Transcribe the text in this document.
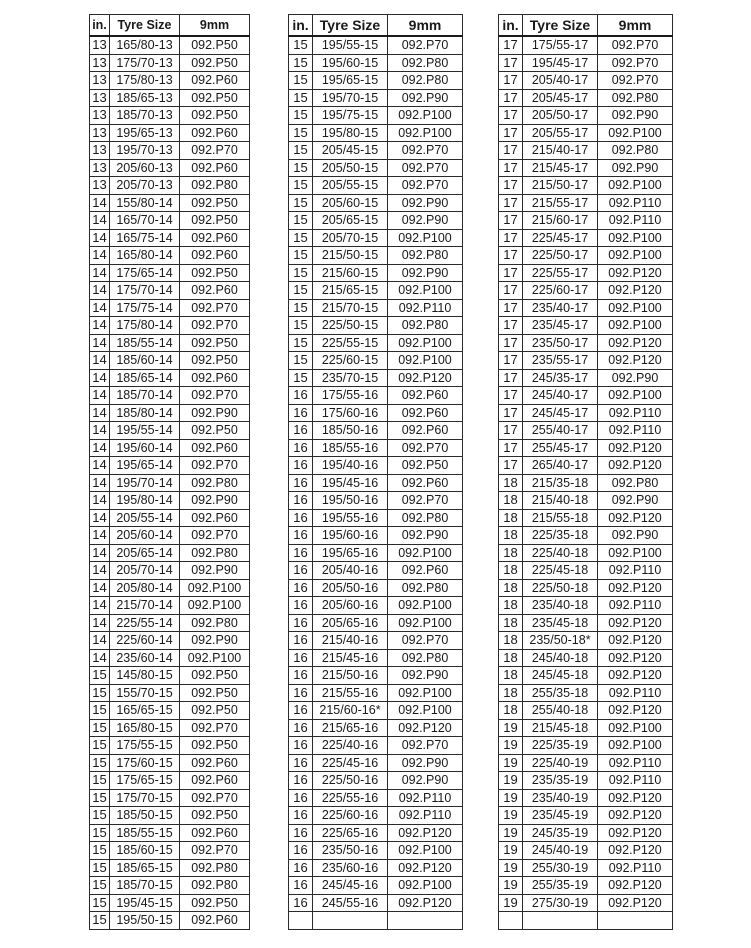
in.	Tyre Size	9mm
13	165/80-13	092.P50
13	175/70-13	092.P50
13	175/80-13	092.P60
13	185/65-13	092.P50
13	185/70-13	092.P50
13	195/65-13	092.P60
13	195/70-13	092.P70
13	205/60-13	092.P60
13	205/70-13	092.P80
14	155/80-14	092.P50
14	165/70-14	092.P50
14	165/75-14	092.P60
14	165/80-14	092.P60
14	175/65-14	092.P50
14	175/70-14	092.P60
14	175/75-14	092.P70
14	175/80-14	092.P70
14	185/55-14	092.P50
14	185/60-14	092.P50
14	185/65-14	092.P60
14	185/70-14	092.P70
14	185/80-14	092.P90
14	195/55-14	092.P50
14	195/60-14	092.P60
14	195/65-14	092.P70
14	195/70-14	092.P80
14	195/80-14	092.P90
14	205/55-14	092.P60
14	205/60-14	092.P70
14	205/65-14	092.P80
14	205/70-14	092.P90
14	205/80-14	092.P100
14	215/70-14	092.P100
14	225/55-14	092.P80
14	225/60-14	092.P90
14	235/60-14	092.P100
15	145/80-15	092.P50
15	155/70-15	092.P50
15	165/65-15	092.P50
15	165/80-15	092.P70
15	175/55-15	092.P50
15	175/60-15	092.P60
15	175/65-15	092.P60
15	175/70-15	092.P70
15	185/50-15	092.P50
15	185/55-15	092.P60
15	185/60-15	092.P70
15	185/65-15	092.P80
15	185/70-15	092.P80
15	195/45-15	092.P50
15	195/50-15	092.P60
in.	Tyre Size	9mm
15	195/55-15	092.P70
15	195/60-15	092.P80
15	195/65-15	092.P80
15	195/70-15	092.P90
15	195/75-15	092.P100
15	195/80-15	092.P100
15	205/45-15	092.P70
15	205/50-15	092.P70
15	205/55-15	092.P70
15	205/60-15	092.P90
15	205/65-15	092.P90
15	205/70-15	092.P100
15	215/50-15	092.P80
15	215/60-15	092.P90
15	215/65-15	092.P100
15	215/70-15	092.P110
15	225/50-15	092.P80
15	225/55-15	092.P100
15	225/60-15	092.P100
15	235/70-15	092.P120
16	175/55-16	092.P60
16	175/60-16	092.P60
16	185/50-16	092.P60
16	185/55-16	092.P70
16	195/40-16	092.P50
16	195/45-16	092.P60
16	195/50-16	092.P70
16	195/55-16	092.P80
16	195/60-16	092.P90
16	195/65-16	092.P100
16	205/40-16	092.P60
16	205/50-16	092.P80
16	205/60-16	092.P100
16	205/65-16	092.P100
16	215/40-16	092.P70
16	215/45-16	092.P80
16	215/50-16	092.P90
16	215/55-16	092.P100
16	215/60-16*	092.P100
16	215/65-16	092.P120
16	225/40-16	092.P70
16	225/45-16	092.P90
16	225/50-16	092.P90
16	225/55-16	092.P110
16	225/60-16	092.P110
16	225/65-16	092.P120
16	235/50-16	092.P100
16	235/60-16	092.P120
16	245/45-16	092.P100
16	245/55-16	092.P120

in.	Tyre Size	9mm
17	175/55-17	092.P70
17	195/45-17	092.P70
17	205/40-17	092.P70
17	205/45-17	092.P80
17	205/50-17	092.P90
17	205/55-17	092.P100
17	215/40-17	092.P80
17	215/45-17	092.P90
17	215/50-17	092.P100
17	215/55-17	092.P110
17	215/60-17	092.P110
17	225/45-17	092.P100
17	225/50-17	092.P100
17	225/55-17	092.P120
17	225/60-17	092.P120
17	235/40-17	092.P100
17	235/45-17	092.P100
17	235/50-17	092.P120
17	235/55-17	092.P120
17	245/35-17	092.P90
17	245/40-17	092.P100
17	245/45-17	092.P110
17	255/40-17	092.P110
17	255/45-17	092.P120
17	265/40-17	092.P120
18	215/35-18	092.P80
18	215/40-18	092.P90
18	215/55-18	092.P120
18	225/35-18	092.P90
18	225/40-18	092.P100
18	225/45-18	092.P110
18	225/50-18	092.P120
18	235/40-18	092.P110
18	235/45-18	092.P120
18	235/50-18*	092.P120
18	245/40-18	092.P120
18	245/45-18	092.P120
18	255/35-18	092.P110
18	255/40-18	092.P120
19	215/45-18	092.P100
19	225/35-19	092.P100
19	225/40-19	092.P110
19	235/35-19	092.P110
19	235/40-19	092.P120
19	235/45-19	092.P120
19	245/35-19	092.P120
19	245/40-19	092.P120
19	255/30-19	092.P110
19	255/35-19	092.P120
19	275/30-19	092.P120
